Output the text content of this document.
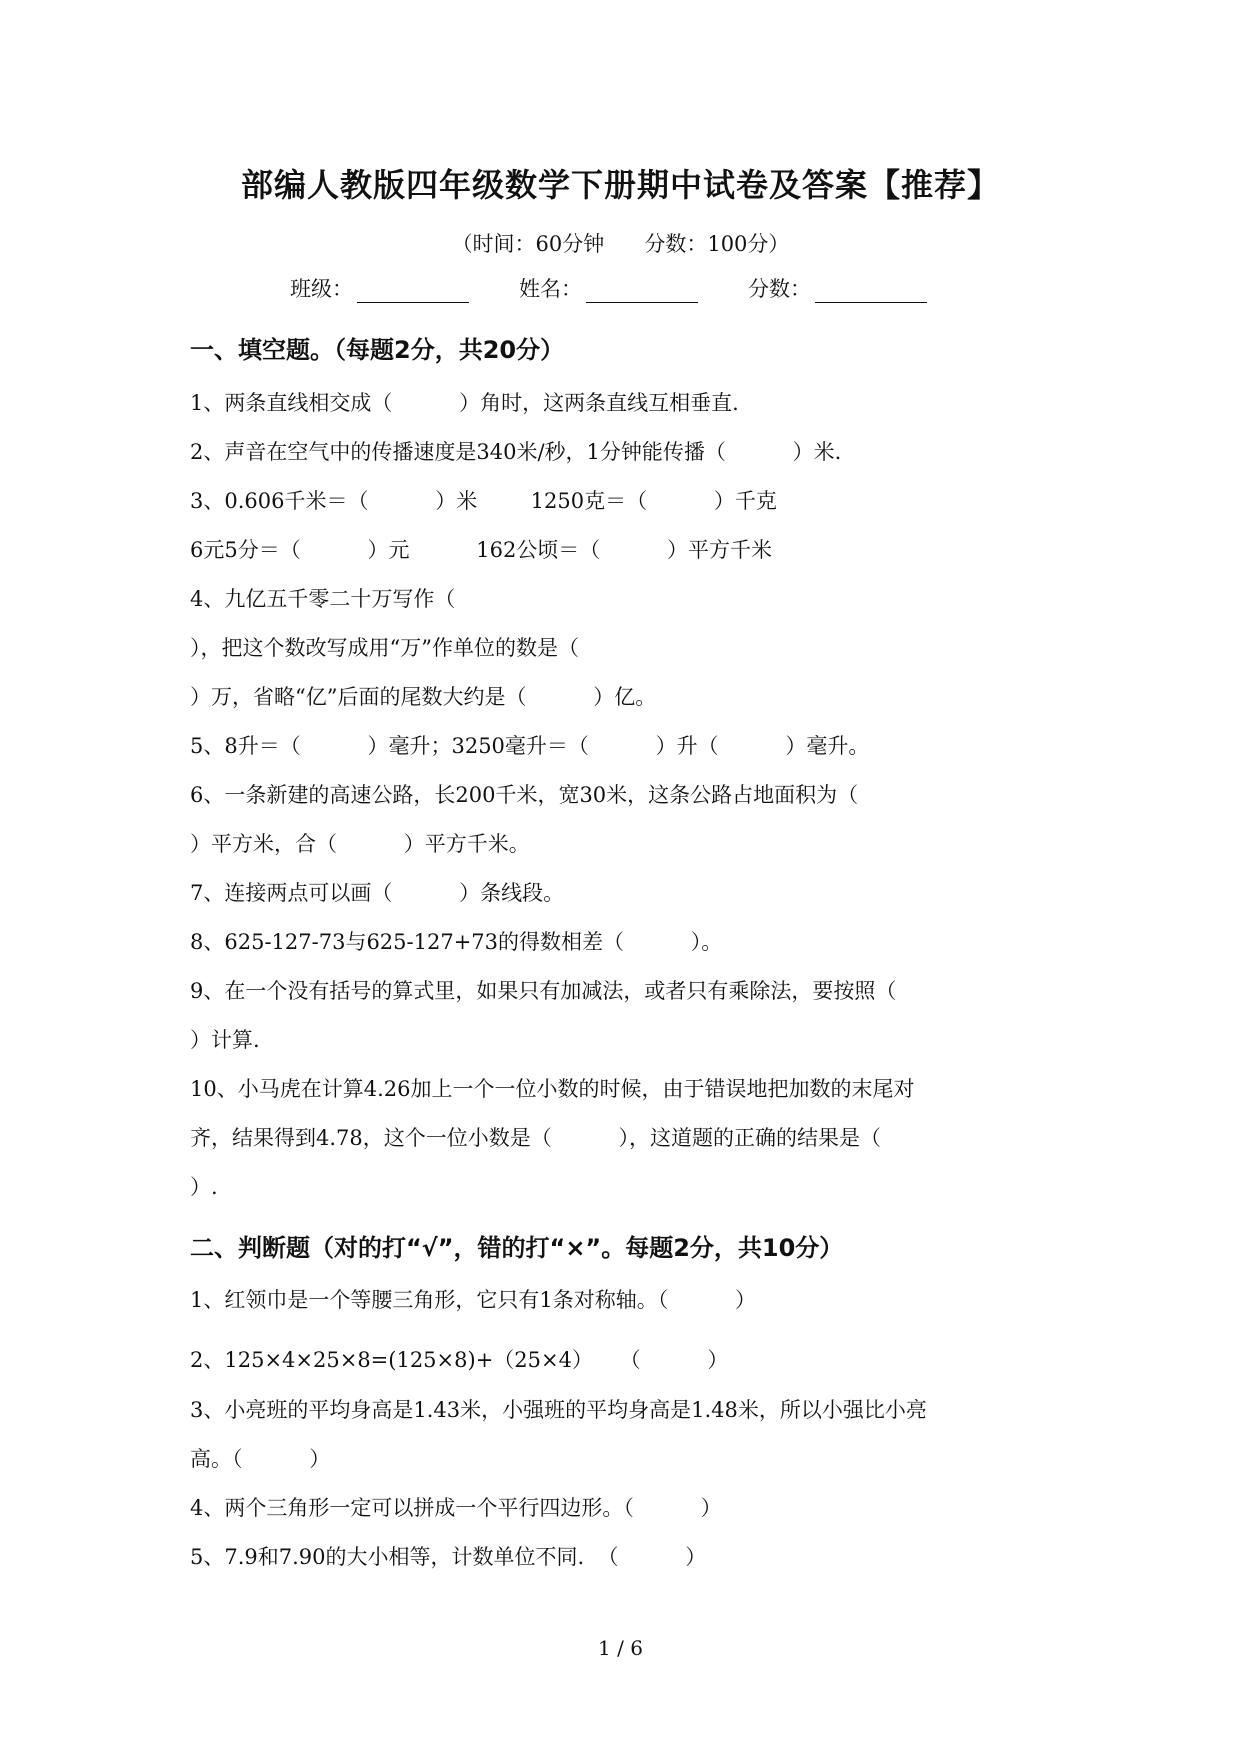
部编人教版四年级数学下册期中试卷及答案【推荐】
（时间：60分钟      分数：100分）
班级：	姓名：	分数：
一、填空题。（每题2分，共20分）
1、两条直线相交成（          ）角时，这两条直线互相垂直.
2、声音在空气中的传播速度是340米/秒，1分钟能传播（          ）米.
3、0.606千米＝（          ）米        1250克＝（          ）千克
6元5分＝（          ）元          162公顷＝（          ）平方千米
4、九亿五千零二十万写作（
），把这个数改写成用“万”作单位的数是（
）万，省略“亿”后面的尾数大约是（          ）亿。
5、8升＝（          ）毫升；3250毫升＝（          ）升（          ）毫升。
6、一条新建的高速公路，长200千米，宽30米，这条公路占地面积为（
）平方米，合（          ）平方千米。
7、连接两点可以画（          ）条线段。
8、625-127-73与625-127+73的得数相差（          ）。
9、在一个没有括号的算式里，如果只有加减法，或者只有乘除法，要按照（
）计算.
10、小马虎在计算4.26加上一个一位小数的时候，由于错误地把加数的末尾对
齐，结果得到4.78，这个一位小数是（          ），这道题的正确的结果是（
）.
二、判断题（对的打“√”，错的打“×”。每题2分，共10分）
1、红领巾是一个等腰三角形，它只有1条对称轴。（          ）
2、125×4×25×8=(125×8)+（25×4）    （          ）
3、小亮班的平均身高是1.43米，小强班的平均身高是1.48米，所以小强比小亮
高。（          ）
4、两个三角形一定可以拼成一个平行四边形。（          ）
5、7.9和7.90的大小相等，计数单位不同.  （          ）
1 / 6
